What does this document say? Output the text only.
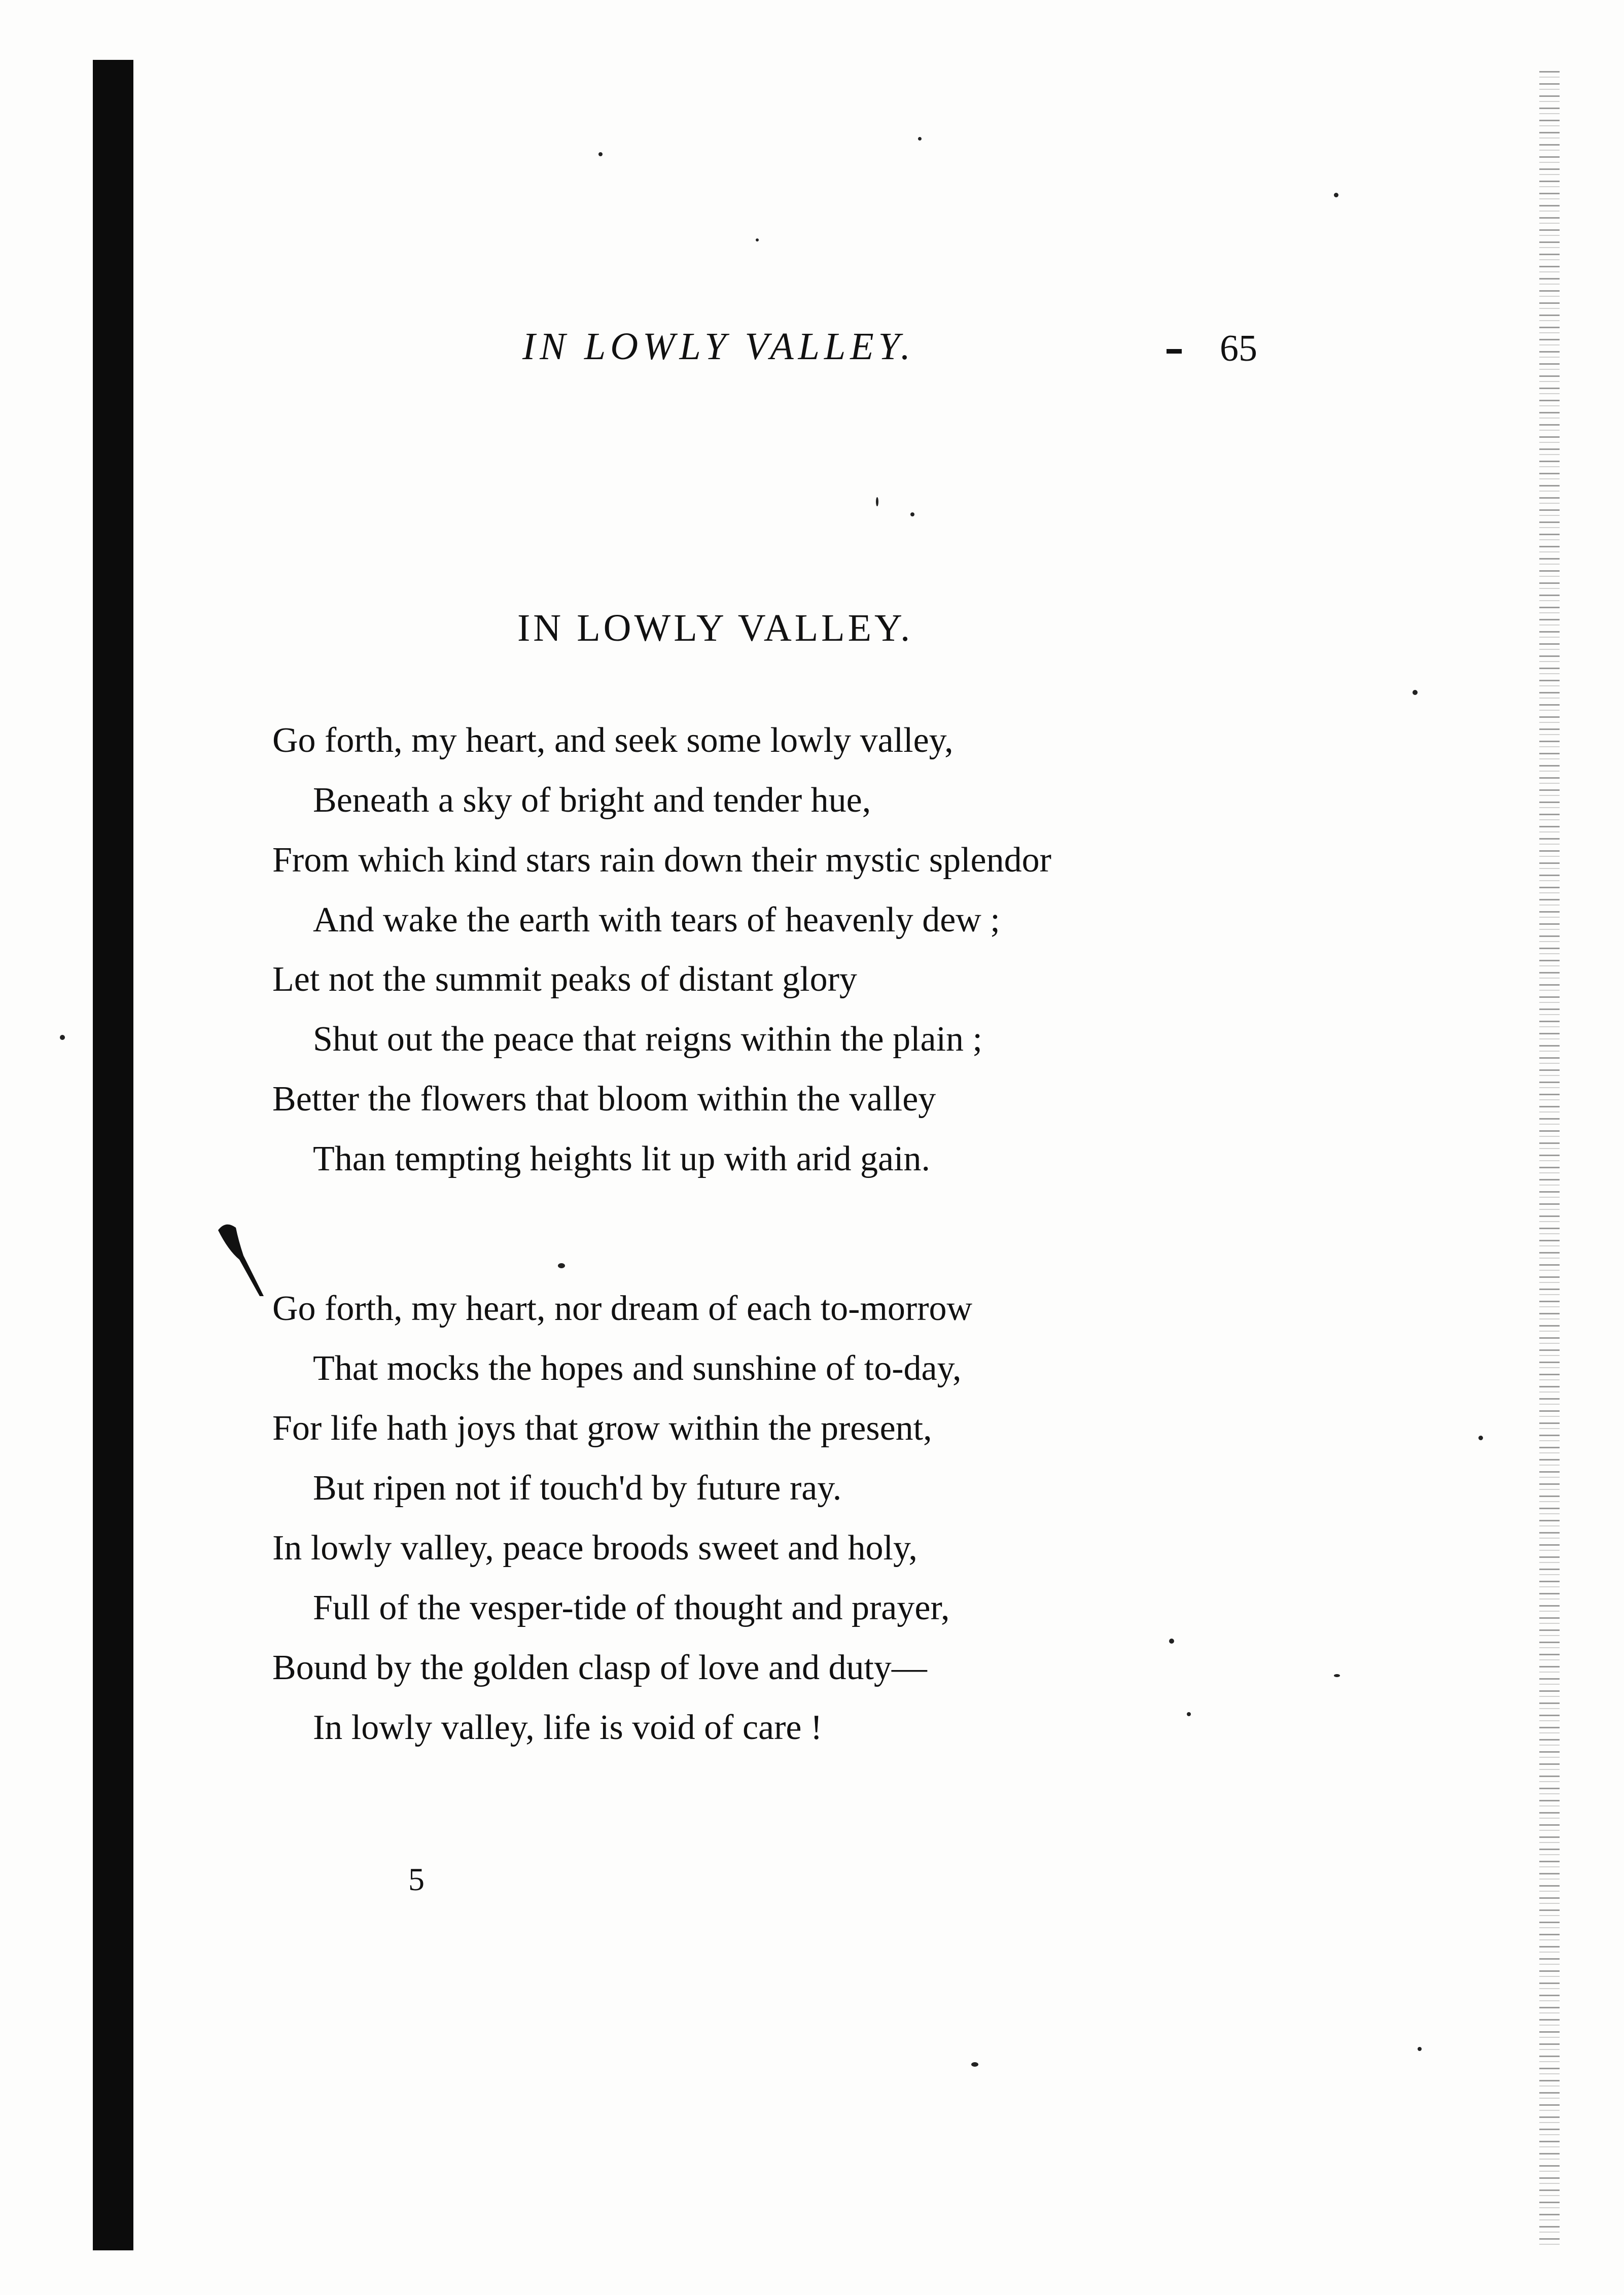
IN LOWLY VALLEY.	65
IN LOWLY VALLEY.
Go forth, my heart, and seek some lowly valley,
Beneath a sky of bright and tender hue,
From which kind stars rain down their mystic splendor
And wake the earth with tears of heavenly dew ;
Let not the summit peaks of distant glory
Shut out the peace that reigns within the plain ;
Better the flowers that bloom within the valley
Than tempting heights lit up with arid gain.
Go forth, my heart, nor dream of each to-morrow
That mocks the hopes and sunshine of to-day,
For life hath joys that grow within the present,
But ripen not if touch'd by future ray.
In lowly valley, peace broods sweet and holy,
Full of the vesper-tide of thought and prayer,
Bound by the golden clasp of love and duty—
In lowly valley, life is void of care !
5
